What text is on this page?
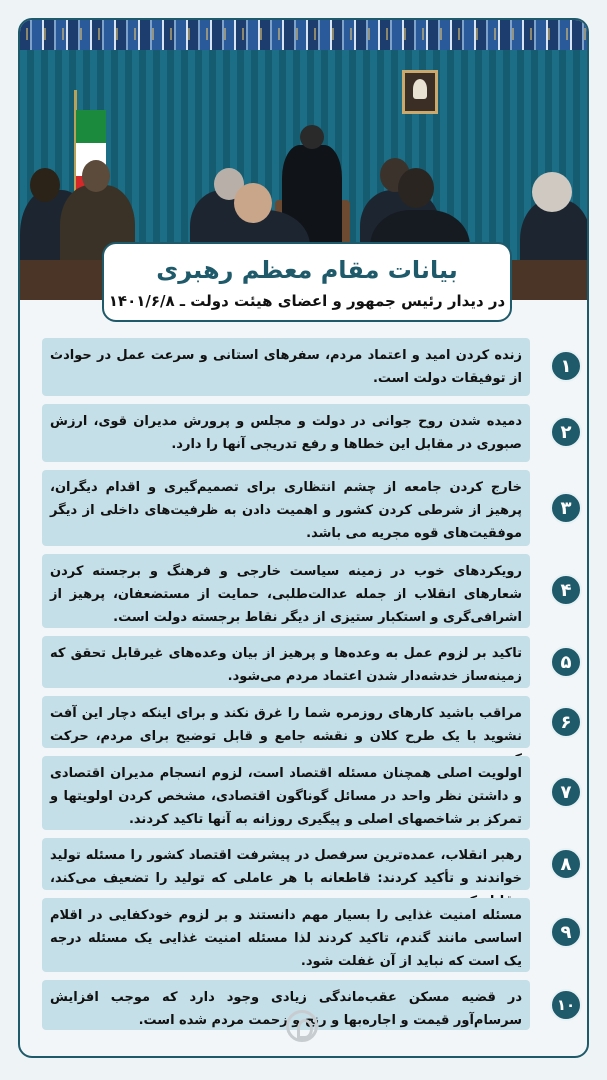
بیانات مقام معظم رهبری
در دیدار رئیس جمهور و اعضای هیئت دولت ـ ۱۴۰۱/۶/۸
زنده کردن امید و اعتماد مردم، سفرهای استانی و سرعت عمل در حوادث از توفیقات دولت است.
۱
دمیده شدن روح جوانی در دولت و مجلس و پرورش مدیران قوی، ارزش صبوری در مقابل این خطاها و رفع تدریجی آنها را دارد.
۲
خارج کردن جامعه از چشم انتظاری برای تصمیم‌گیری و اقدام دیگران، پرهیز از شرطی کردن کشور و اهمیت دادن به ظرفیت‌های داخلی از دیگر موفقیت‌های قوه مجریه می باشد.
۳
رویکردهای خوب در زمینه سیاست خارجی و فرهنگ و برجسته کردن شعارهای انقلاب از جمله عدالت‌طلبی، حمایت از مستضعفان، پرهیز از اشرافی‌گری و استکبار ستیزی از دیگر نقاط برجسته دولت است.
۴
تاکید بر لزوم عمل به وعده‌ها و پرهیز از بیان وعده‌های غیرقابل تحقق که زمینه‌ساز خدشه‌دار شدن اعتماد مردم می‌شود.
۵
مراقب باشید کارهای روزمره شما را غرق نکند و برای اینکه دچار این آفت نشوید با یک طرح کلان و نقشه جامع و قابل توضیح برای مردم، حرکت
۶
اولویت اصلی همچنان مسئله اقتصاد است، لزوم انسجام مدیران اقتصادی و داشتن نظر واحد در مسائل گوناگون اقتصادی، مشخص کردن اولویتها و تمرکز بر شاخصهای اصلی و پیگیری روزانه به آنها تاکید کردند.
۷
رهبر انقلاب، عمده‌ترین سرفصل در پیشرفت اقتصاد کشور را مسئله تولید خواندند و تأکید کردند: قاطعانه با هر عاملی که تولید را تضعیف می‌کند،
۸
مسئله امنیت غذایی را بسیار مهم دانستند و بر لزوم خودکفایی در اقلام اساسی مانند گندم، تاکید کردند لذا مسئله امنیت غذایی یک مسئله درجه یک است که نباید از آن غفلت شود.
۹
در قضیه مسکن عقب‌ماندگی زیادی وجود دارد که موجب افزایش سرسام‌آور قیمت و اجاره‌بها و رنج و زحمت مردم شده است.
۱۰
